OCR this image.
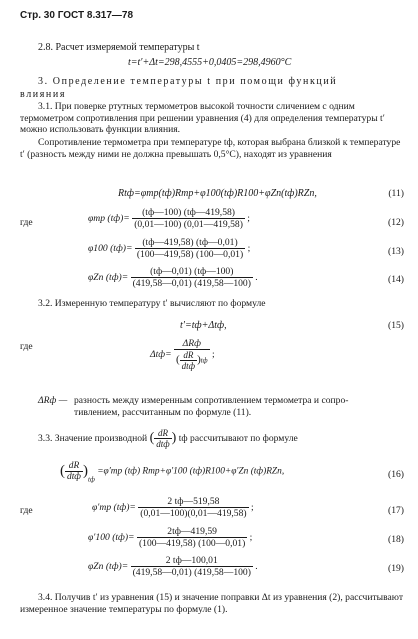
Стр. 30 ГОСТ 8.317—78
2.8. Расчет измеряемой температуры t
t=t′+Δt=298,4555+0,0405=298,4960°C
3. Определение температуры t при помощи функций
влияния
3.1. При поверке ртутных термометров высокой точности сличением с одним термометром сопротивления при решении уравнения (4) для определения температуры t′ можно использовать функции влияния.
Сопротивление термометра при температуре tф, которая выбрана близкой к температуре t′ (разность между ними не должна превышать 0,5°C), находят из уравнения
Rtф=φтр(tф)Rтр+φ100(tф)R100+φZn(tф)RZn,	(11)
где	φтр $(tф)= \frac{(tф—100) (tф—419,58)}{(0,01—100) (0,01—419,58)}$ ;	(12)
φ100 $(tф)= \frac{(tф—419,58) (tф—0,01)}{(100—419,58) (100—0,01)}$ ;	(13)
φZn $(tф)= \frac{(tф—0,01) (tф—100)}{(419,58—0,01) (419,58—100)}$ .	(14)
3.2. Измеренную температуру t′ вычисляют по формуле
t′=tф+Δtф,	(15)
где
$\Delta tф= \frac{\text{ΔRф}}{( \frac{dR}{\text{dtф}} )tф}$ ;
ΔRф — разность между измеренным сопротивлением термометра и сопро-
тивлением, рассчитанным по формуле (11).
3.3. Значение производной ( $\frac{dR}{\text{dtф}}$ ) tф рассчитывают по формуле
( $\frac{dR}{\text{dtф}} )_{tф} =\varphi'тр$ (tф) Rтр+φ′100 (tф)R100+φ′Zn (tф)RZn,	(16)
где	φ′тр $(tф)= \frac{2 tф—519,58}{(0,01—100)(0,01—419,58)}$ ;	(17)
φ′100 $(tф)= \frac{2tф—419,59}{(100—419,58) (100—0,01)}$ ;	(18)
φZn $(tф)= \frac{2 tф—100,01}{(419,58—0,01) (419,58—100)}$ .	(19)
3.4. Получив t′ из уравнения (15) и значение поправки Δt из уравнения (2), рассчитывают измеренное значение температуры по формуле (1).
